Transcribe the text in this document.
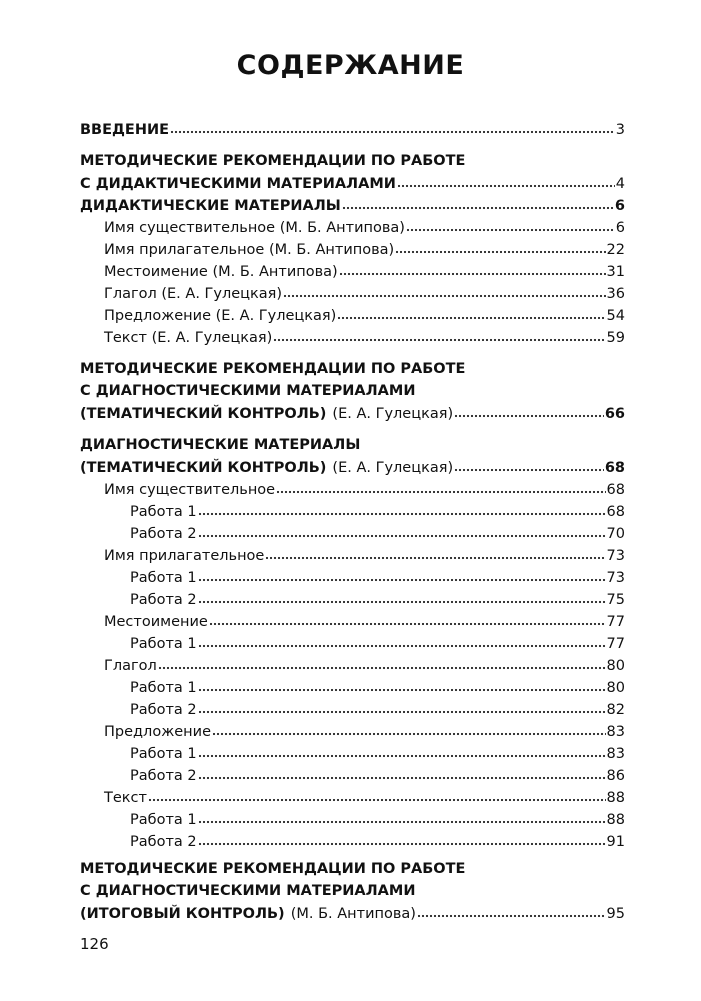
СОДЕРЖАНИЕ
ВВЕДЕНИЕ	3
МЕТОДИЧЕСКИЕ РЕКОМЕНДАЦИИ ПО РАБОТЕ
С ДИДАКТИЧЕСКИМИ МАТЕРИАЛАМИ	4
ДИДАКТИЧЕСКИЕ МАТЕРИАЛЫ	6
Имя существительное (М. Б. Антипова)	6
Имя прилагательное (М. Б. Антипова)	22
Местоимение (М. Б. Антипова)	31
Глагол (Е. А. Гулецкая)	36
Предложение (Е. А. Гулецкая)	54
Текст (Е. А. Гулецкая)	59
МЕТОДИЧЕСКИЕ РЕКОМЕНДАЦИИ ПО РАБОТЕ
С ДИАГНОСТИЧЕСКИМИ МАТЕРИАЛАМИ
(ТЕМАТИЧЕСКИЙ КОНТРОЛЬ) (Е. А. Гулецкая)	66
ДИАГНОСТИЧЕСКИЕ МАТЕРИАЛЫ
(ТЕМАТИЧЕСКИЙ КОНТРОЛЬ) (Е. А. Гулецкая)	68
Имя существительное	68
Работа 1	68
Работа 2	70
Имя прилагательное	73
Работа 1	73
Работа 2	75
Местоимение	77
Работа 1	77
Глагол	80
Работа 1	80
Работа 2	82
Предложение	83
Работа 1	83
Работа 2	86
Текст	88
Работа 1	88
Работа 2	91
МЕТОДИЧЕСКИЕ РЕКОМЕНДАЦИИ ПО РАБОТЕ
С ДИАГНОСТИЧЕСКИМИ МАТЕРИАЛАМИ
(ИТОГОВЫЙ КОНТРОЛЬ) (М. Б. Антипова)	95
126
